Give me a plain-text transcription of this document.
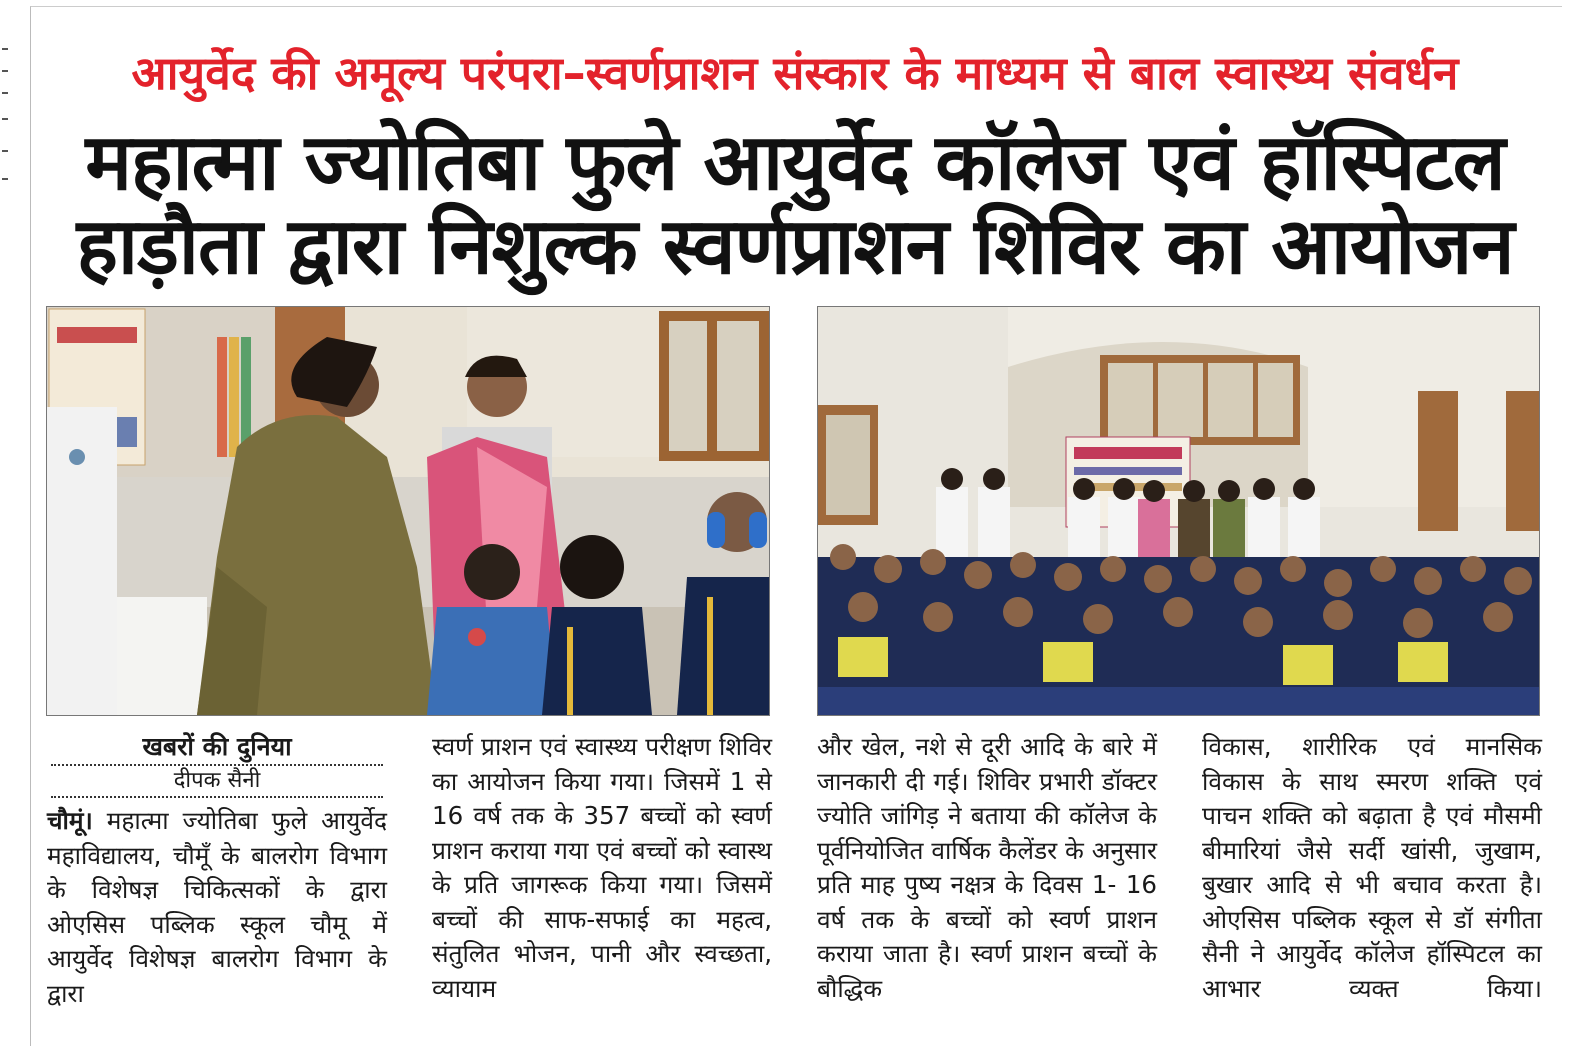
आयुर्वेद की अमूल्य परंपरा–स्वर्णप्राशन संस्कार के माध्यम से बाल स्वास्थ्य संवर्धन
महात्मा ज्योतिबा फुले आयुर्वेद कॉलेज एवं हॉस्पिटल
हाड़ौता द्वारा निशुल्क स्वर्णप्राशन शिविर का आयोजन
खबरों की दुनिया
दीपक सैनी

चौमूं। महात्मा ज्योतिबा फुले आयुर्वेद महाविद्यालय, चौमूँ के बालरोग विभाग के विशेषज्ञ चिकित्सकों के द्वारा ओएसिस पब्लिक स्कूल चौमू में आयुर्वेद विशेषज्ञ बालरोग विभाग के द्वारा

स्वर्ण प्राशन एवं स्वास्थ्य परीक्षण शिविर का आयोजन किया गया। जिसमें 1 से 16 वर्ष तक के 357 बच्चों को स्वर्ण प्राशन कराया गया एवं बच्चों को स्वास्थ के प्रति जागरूक किया गया। जिसमें बच्चों की साफ-सफाई का महत्व, संतुलित भोजन, पानी और स्वच्छता, व्यायाम

और खेल, नशे से दूरी आदि के बारे में जानकारी दी गई। शिविर प्रभारी डॉक्टर ज्योति जांगिड़ ने बताया की कॉलेज के पूर्वनियोजित वार्षिक कैलेंडर के अनुसार प्रति माह पुष्य नक्षत्र के दिवस 1- 16 वर्ष तक के बच्चों को स्वर्ण प्राशन कराया जाता है। स्वर्ण प्राशन बच्चों के बौद्धिक

विकास, शारीरिक एवं मानसिक विकास के साथ स्मरण शक्ति एवं पाचन शक्ति को बढ़ाता है एवं मौसमी बीमारियां जैसे सर्दी खांसी, जुखाम, बुखार आदि से भी बचाव करता है। ओएसिस पब्लिक स्कूल से डॉ संगीता सैनी ने आयुर्वेद कॉलेज हॉस्पिटल का आभार व्यक्त किया।
